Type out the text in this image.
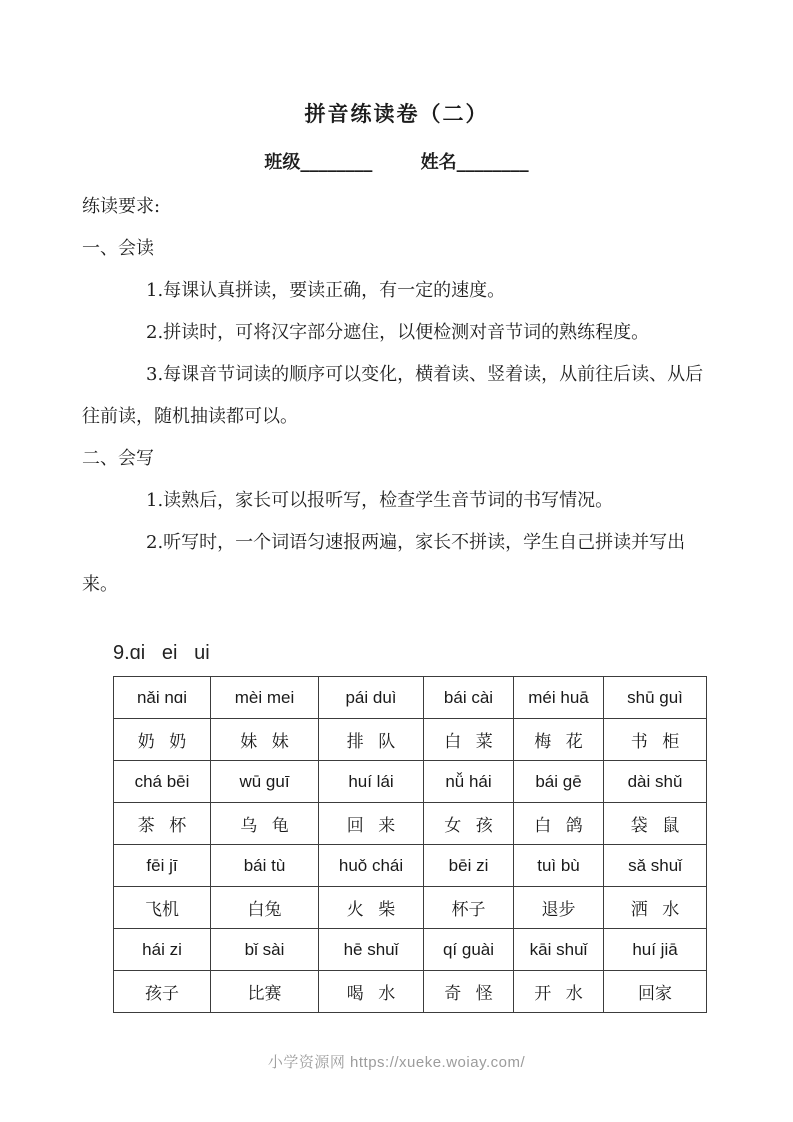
拼音练读卷（二）
班级________	姓名________

练读要求:

一、会读

1.每课认真拼读，要读正确，有一定的速度。

2.拼读时，可将汉字部分遮住，以便检测对音节词的熟练程度。

3.每课音节词读的顺序可以变化，横着读、竖着读，从前往后读、从后往前读，随机抽读都可以。

二、会写

1.读熟后，家长可以报听写，检查学生音节词的书写情况。

2.听写时，一个词语匀速报两遍，家长不拼读，学生自己拼读并写出来。

9.ɑi   ei   ui
nǎi nɑi	mèi mei	pái duì	bái cài	méi huā	shū guì
奶 奶	妹 妹	排 队	白 菜	梅 花	书 柜
chá bēi	wū guī	huí lái	nǚ hái	bái gē	dài shǔ
茶 杯	乌 龟	回 来	女 孩	白 鸽	袋 鼠
fēi jī	bái tù	huǒ chái	bēi zi	tuì bù	sǎ shuǐ
飞机	白兔	火 柴	杯子	退步	洒 水
hái zi	bǐ sài	hē shuǐ	qí guài	kāi shuǐ	huí jiā
孩子	比赛	喝 水	奇 怪	开 水	回家
小学资源网 https://xueke.woiay.com/
